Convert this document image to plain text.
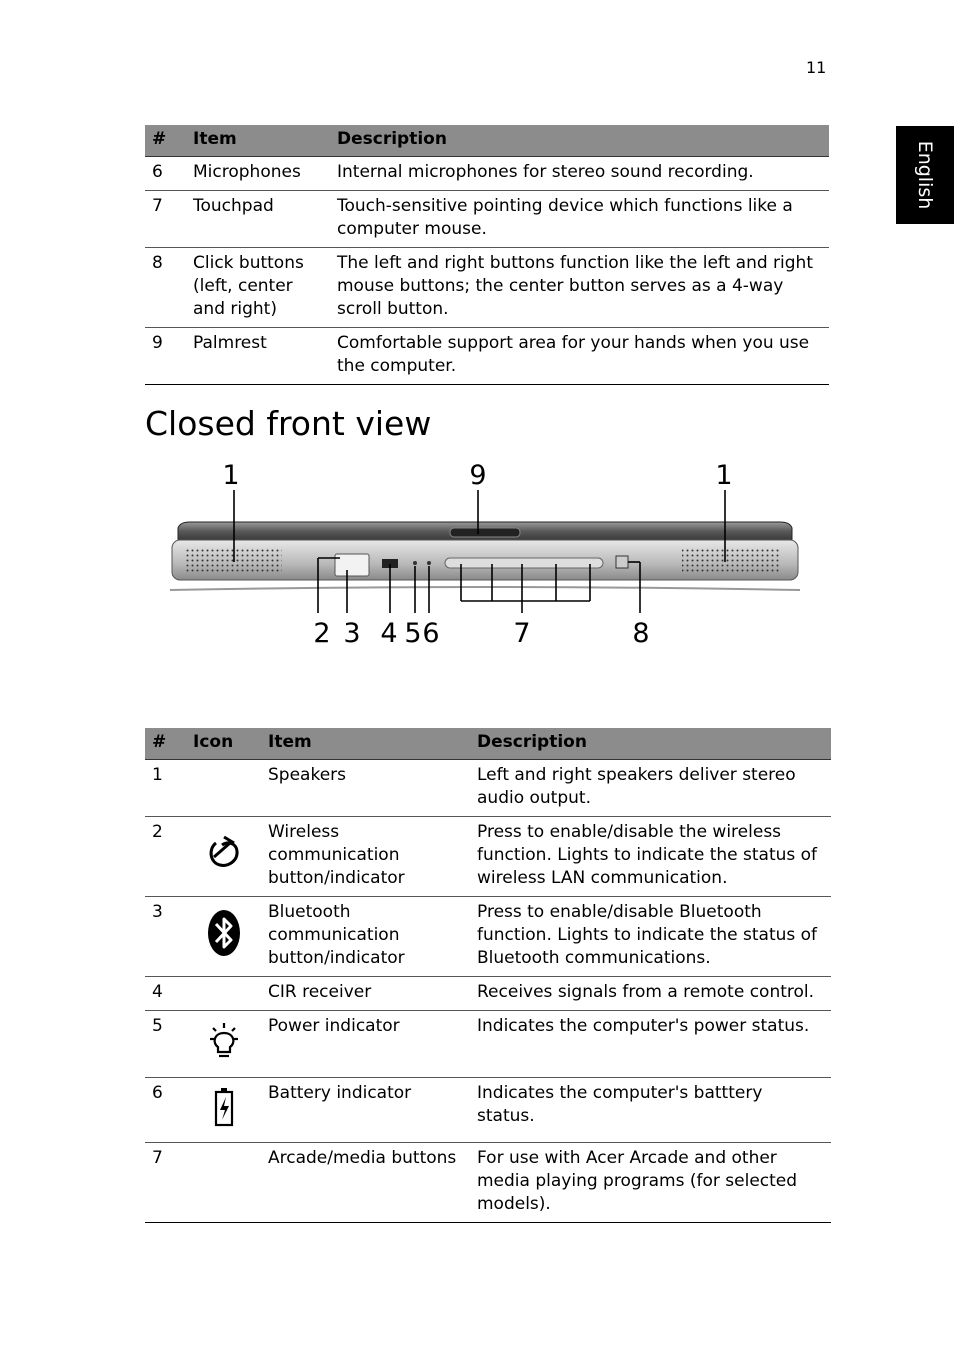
11
English
#	Item	Description
6	Microphones	Internal microphones for stereo sound recording.
7	Touchpad	Touch-sensitive pointing device which functions like a computer mouse.
8	Click buttons (left, center and right)	The left and right buttons function like the left and right mouse buttons; the center button serves as a 4-way scroll button.
9	Palmrest	Comfortable support area for your hands when you use the computer.
Closed front view
1	9	1
2 3 4 5 6	7	8
#	Icon	Item	Description
1		Speakers	Left and right speakers deliver stereo audio output.
2		Wireless communication button/indicator	Press to enable/disable the wireless function. Lights to indicate the status of wireless LAN communication.
3		Bluetooth communication button/indicator	Press to enable/disable Bluetooth function. Lights to indicate the status of Bluetooth communications.
4		CIR receiver	Receives signals from a remote control.
5		Power indicator	Indicates the computer's power status.
6		Battery indicator	Indicates the computer's batttery status.
7		Arcade/media buttons	For use with Acer Arcade and other media playing programs (for selected models).
